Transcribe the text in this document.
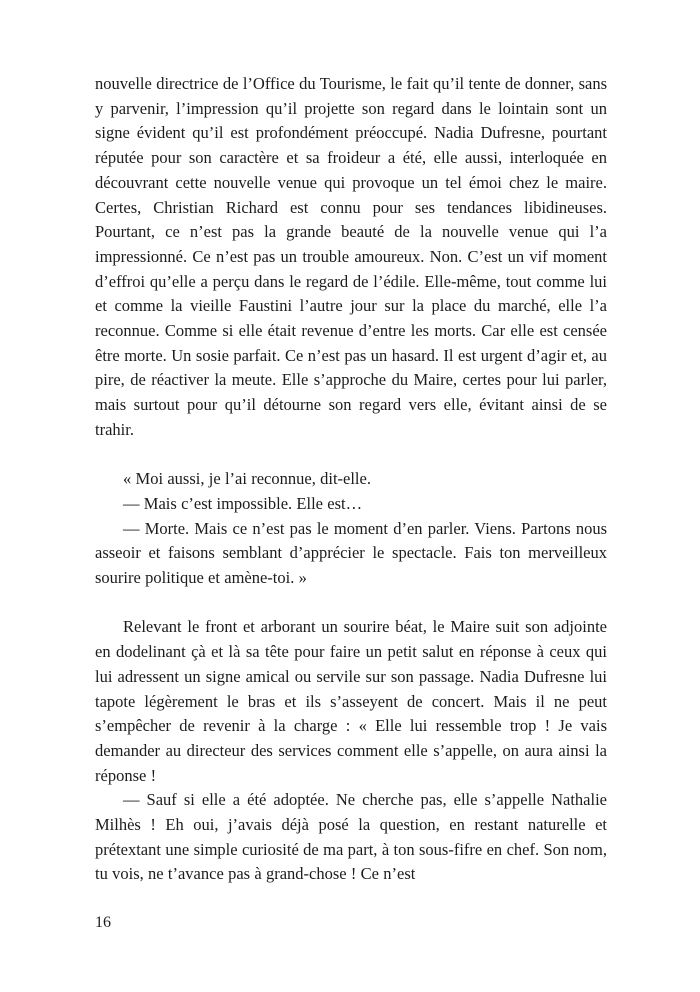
nouvelle directrice de l’Office du Tourisme, le fait qu’il tente de donner, sans y parvenir, l’impression qu’il projette son regard dans le lointain sont un signe évident qu’il est profondément préoccupé. Nadia Dufresne, pourtant réputée pour son caractère et sa froideur a été, elle aussi, interloquée en découvrant cette nouvelle venue qui provoque un tel émoi chez le maire. Certes, Christian Richard est connu pour ses tendances libidineuses. Pourtant, ce n’est pas la grande beauté de la nouvelle venue qui l’a impressionné. Ce n’est pas un trouble amoureux. Non. C’est un vif moment d’effroi qu’elle a perçu dans le regard de l’édile. Elle-même, tout comme lui et comme la vieille Faustini l’autre jour sur la place du marché, elle l’a reconnue. Comme si elle était revenue d’entre les morts. Car elle est censée être morte. Un sosie parfait. Ce n’est pas un hasard. Il est urgent d’agir et, au pire, de réactiver la meute. Elle s’approche du Maire, certes pour lui parler, mais surtout pour qu’il détourne son regard vers elle, évitant ainsi de se trahir.

« Moi aussi, je l’ai reconnue, dit-elle.

— Mais c’est impossible. Elle est…

— Morte. Mais ce n’est pas le moment d’en parler. Viens. Partons nous asseoir et faisons semblant d’apprécier le spectacle. Fais ton merveilleux sourire politique et amène-toi. »

Relevant le front et arborant un sourire béat, le Maire suit son adjointe en dodelinant çà et là sa tête pour faire un petit salut en réponse à ceux qui lui adressent un signe amical ou servile sur son passage. Nadia Dufresne lui tapote légèrement le bras et ils s’asseyent de concert. Mais il ne peut s’empêcher de revenir à la charge : « Elle lui ressemble trop ! Je vais demander au directeur des services comment elle s’appelle, on aura ainsi la réponse !

— Sauf si elle a été adoptée. Ne cherche pas, elle s’appelle Nathalie Milhès ! Eh oui, j’avais déjà posé la question, en restant naturelle et prétextant une simple curiosité de ma part, à ton sous-fifre en chef. Son nom, tu vois, ne t’avance pas à grand-chose ! Ce n’est

16
